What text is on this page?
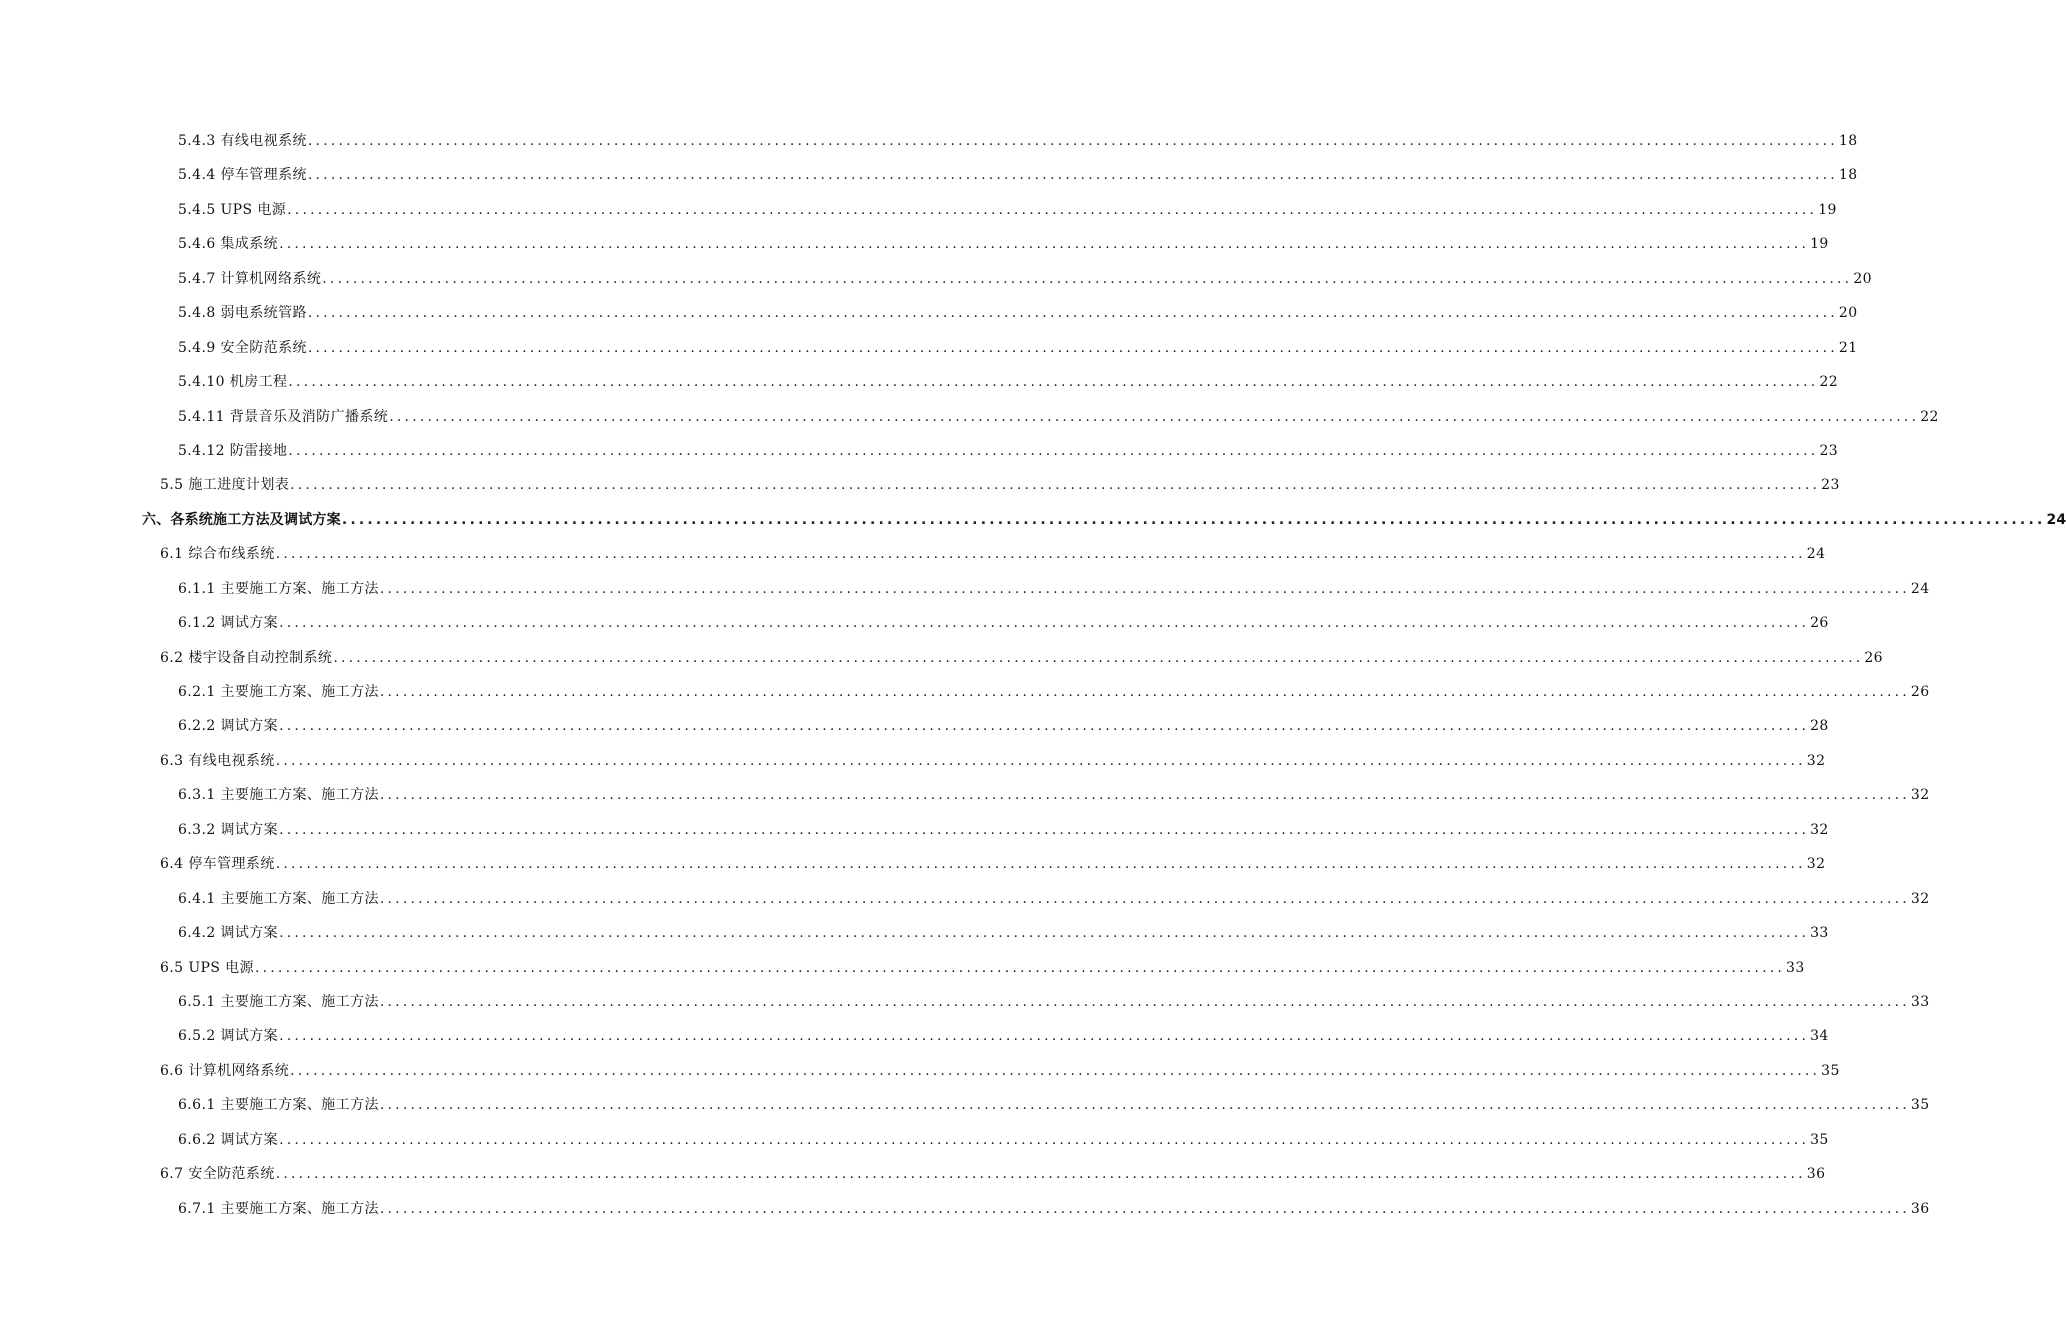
5.4.3 有线电视系统 ........................................................................................................................................................................................................ 18
5.4.4 停车管理系统 ........................................................................................................................................................................................................ 18
5.4.5 UPS 电源 ........................................................................................................................................................................................................ 19
5.4.6 集成系统 ........................................................................................................................................................................................................ 19
5.4.7 计算机网络系统 ........................................................................................................................................................................................................ 20
5.4.8 弱电系统管路 ........................................................................................................................................................................................................ 20
5.4.9 安全防范系统 ........................................................................................................................................................................................................ 21
5.4.10 机房工程 ........................................................................................................................................................................................................ 22
5.4.11 背景音乐及消防广播系统 ........................................................................................................................................................................................................ 22
5.4.12 防雷接地 ........................................................................................................................................................................................................ 23
5.5 施工进度计划表 ........................................................................................................................................................................................................ 23
六、各系统施工方法及调试方案 ........................................................................................................................................................................................................ 24
6.1 综合布线系统 ........................................................................................................................................................................................................ 24
6.1.1 主要施工方案、施工方法 ........................................................................................................................................................................................................ 24
6.1.2 调试方案 ........................................................................................................................................................................................................ 26
6.2 楼宇设备自动控制系统 ........................................................................................................................................................................................................ 26
6.2.1 主要施工方案、施工方法 ........................................................................................................................................................................................................ 26
6.2.2 调试方案 ........................................................................................................................................................................................................ 28
6.3 有线电视系统 ........................................................................................................................................................................................................ 32
6.3.1 主要施工方案、施工方法 ........................................................................................................................................................................................................ 32
6.3.2 调试方案 ........................................................................................................................................................................................................ 32
6.4 停车管理系统 ........................................................................................................................................................................................................ 32
6.4.1 主要施工方案、施工方法 ........................................................................................................................................................................................................ 32
6.4.2 调试方案 ........................................................................................................................................................................................................ 33
6.5 UPS 电源 ........................................................................................................................................................................................................ 33
6.5.1 主要施工方案、施工方法 ........................................................................................................................................................................................................ 33
6.5.2 调试方案 ........................................................................................................................................................................................................ 34
6.6 计算机网络系统 ........................................................................................................................................................................................................ 35
6.6.1 主要施工方案、施工方法 ........................................................................................................................................................................................................ 35
6.6.2 调试方案 ........................................................................................................................................................................................................ 35
6.7 安全防范系统 ........................................................................................................................................................................................................ 36
6.7.1 主要施工方案、施工方法 ........................................................................................................................................................................................................ 36
